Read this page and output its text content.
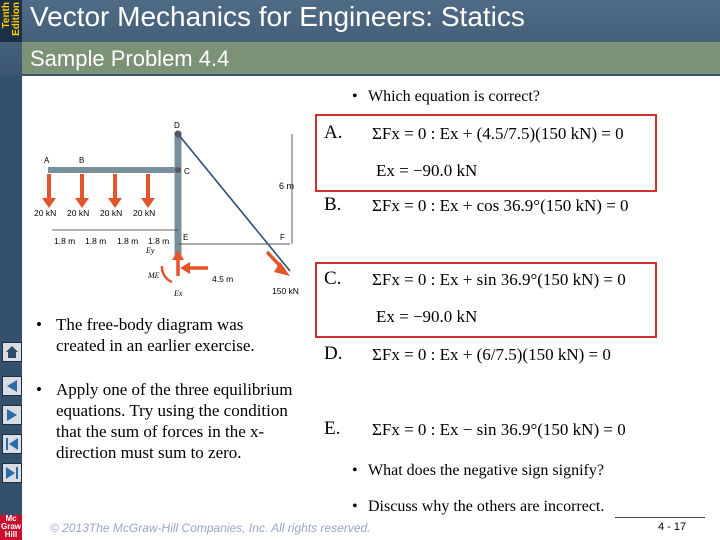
Tenth Edition Vector Mechanics for Engineers: Statics
Sample Problem 4.4
Mc
Graw
Hill
D
A	B
C
E	F
20 kN 20 kN 20 kN 20 kN
1.8 m 1.8 m 1.8 m 1.8 m
6 m
4.5 m
Ey
ME
Ex	150 kN
• The free-body diagram was created in an earlier exercise.
• Apply one of the three equilibrium equations. Try using the condition that the sum of forces in the x-direction must sum to zero.
• Which equation is correct?
A. ΣFx = 0 : Ex + (4.5/7.5)(150 kN) = 0
Ex = −90.0 kN
B. ΣFx = 0 : Ex + cos 36.9°(150 kN) = 0
C. ΣFx = 0 : Ex + sin 36.9°(150 kN) = 0
Ex = −90.0 kN
D. ΣFx = 0 : Ex + (6/7.5)(150 kN) = 0
E. ΣFx = 0 : Ex − sin 36.9°(150 kN) = 0
• What does the negative sign signify?
• Discuss why the others are incorrect.
© 2013The McGraw-Hill Companies, Inc. All rights reserved.	4 - 17
